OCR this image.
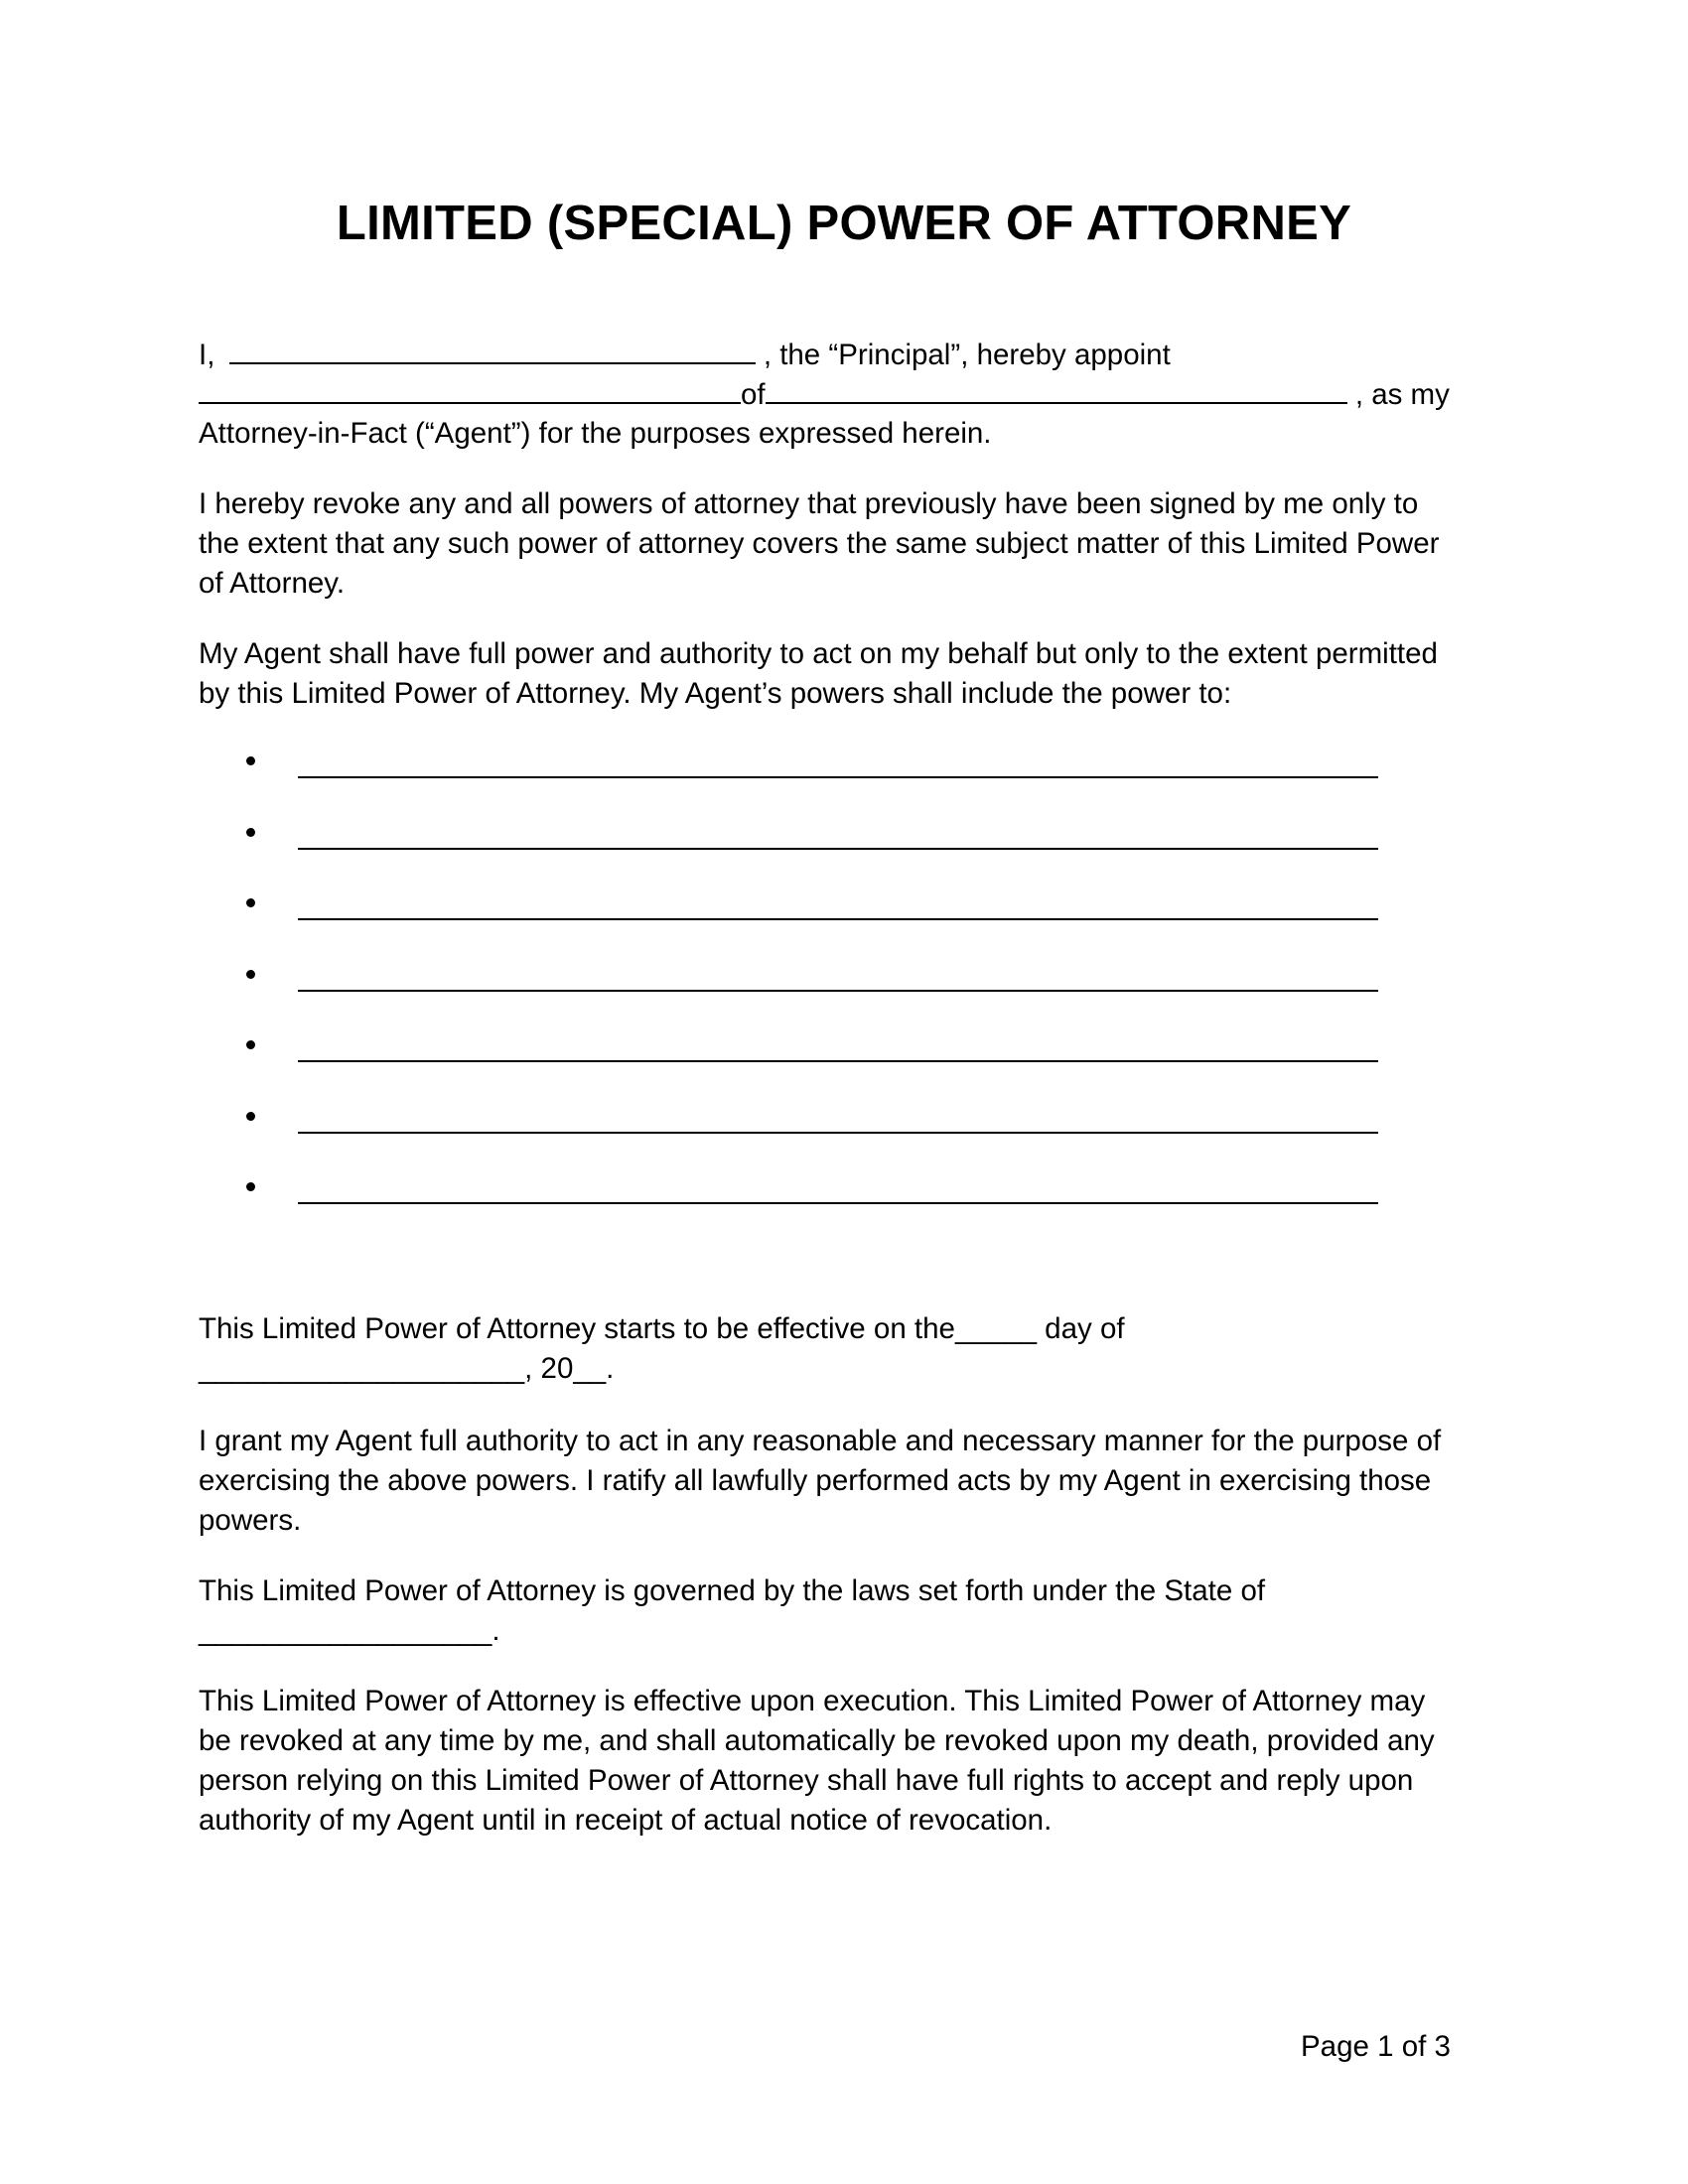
LIMITED (SPECIAL) POWER OF ATTORNEY
I,	, the “Principal”, hereby appoint
of	, as my
Attorney-in-Fact (“Agent”) for the purposes expressed herein.
I hereby revoke any and all powers of attorney that previously have been signed by me only to
the extent that any such power of attorney covers the same subject matter of this Limited Power
of Attorney.
My Agent shall have full power and authority to act on my behalf but only to the extent permitted
by this Limited Power of Attorney. My Agent’s powers shall include the power to:
This Limited Power of Attorney starts to be effective on the_____ day of
____________________, 20__.
I grant my Agent full authority to act in any reasonable and necessary manner for the purpose of
exercising the above powers. I ratify all lawfully performed acts by my Agent in exercising those
powers.
This Limited Power of Attorney is governed by the laws set forth under the State of
__________________.
This Limited Power of Attorney is effective upon execution. This Limited Power of Attorney may
be revoked at any time by me, and shall automatically be revoked upon my death, provided any
person relying on this Limited Power of Attorney shall have full rights to accept and reply upon
authority of my Agent until in receipt of actual notice of revocation.
Page 1 of 3
